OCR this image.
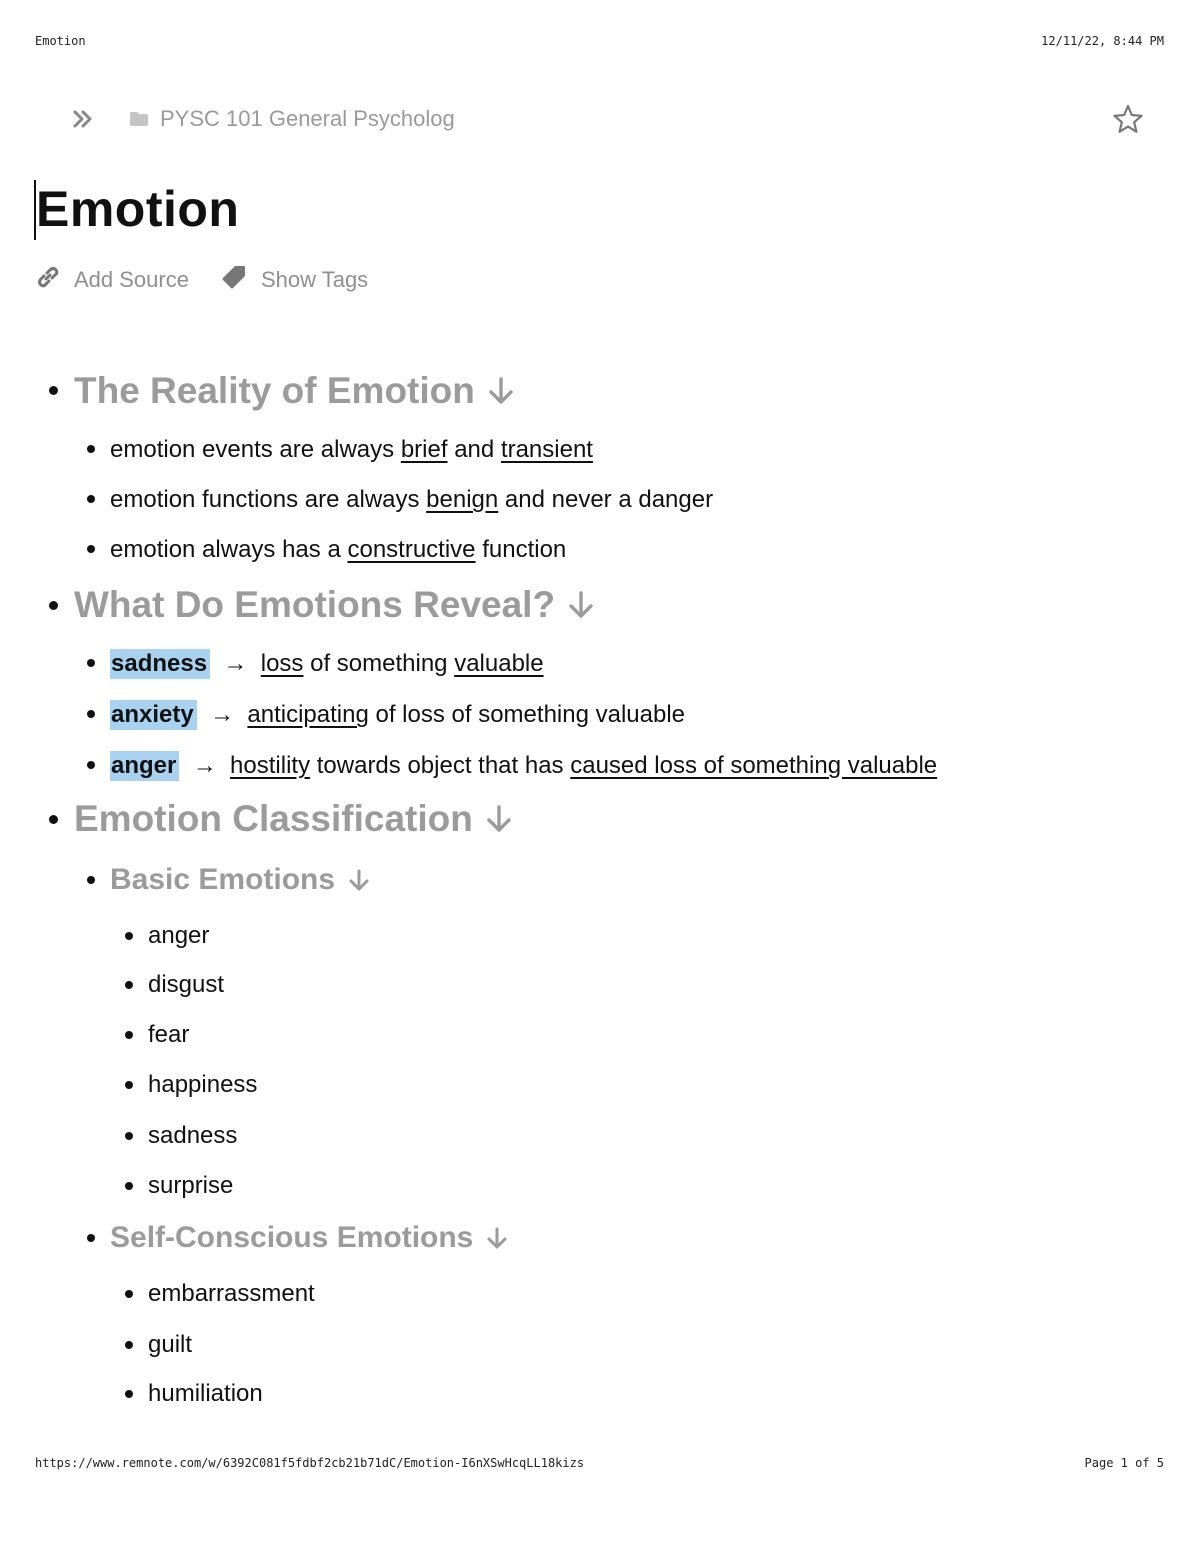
Emotion	12/11/22, 8:44 PM
PYSC 101 General Psycholog
Emotion
Add Source	Show Tags
The Reality of Emotion
emotion events are always
brief
and
transient
emotion functions are always
benign
and never a danger
emotion always has a
constructive
function
What Do Emotions Reveal?
sadness
→
loss of something valuable
anxiety
→
anticipating of loss of something valuable
anger
→
hostility towards object that has caused loss of something valuable
Emotion Classification
Basic Emotions
anger
disgust
fear
happiness
sadness
surprise
Self-Conscious Emotions
embarrassment
guilt
humiliation
https://www.remnote.com/w/6392C081f5fdbf2cb21b71dC/Emotion-I6nXSwHcqLL18kizs	Page 1 of 5
